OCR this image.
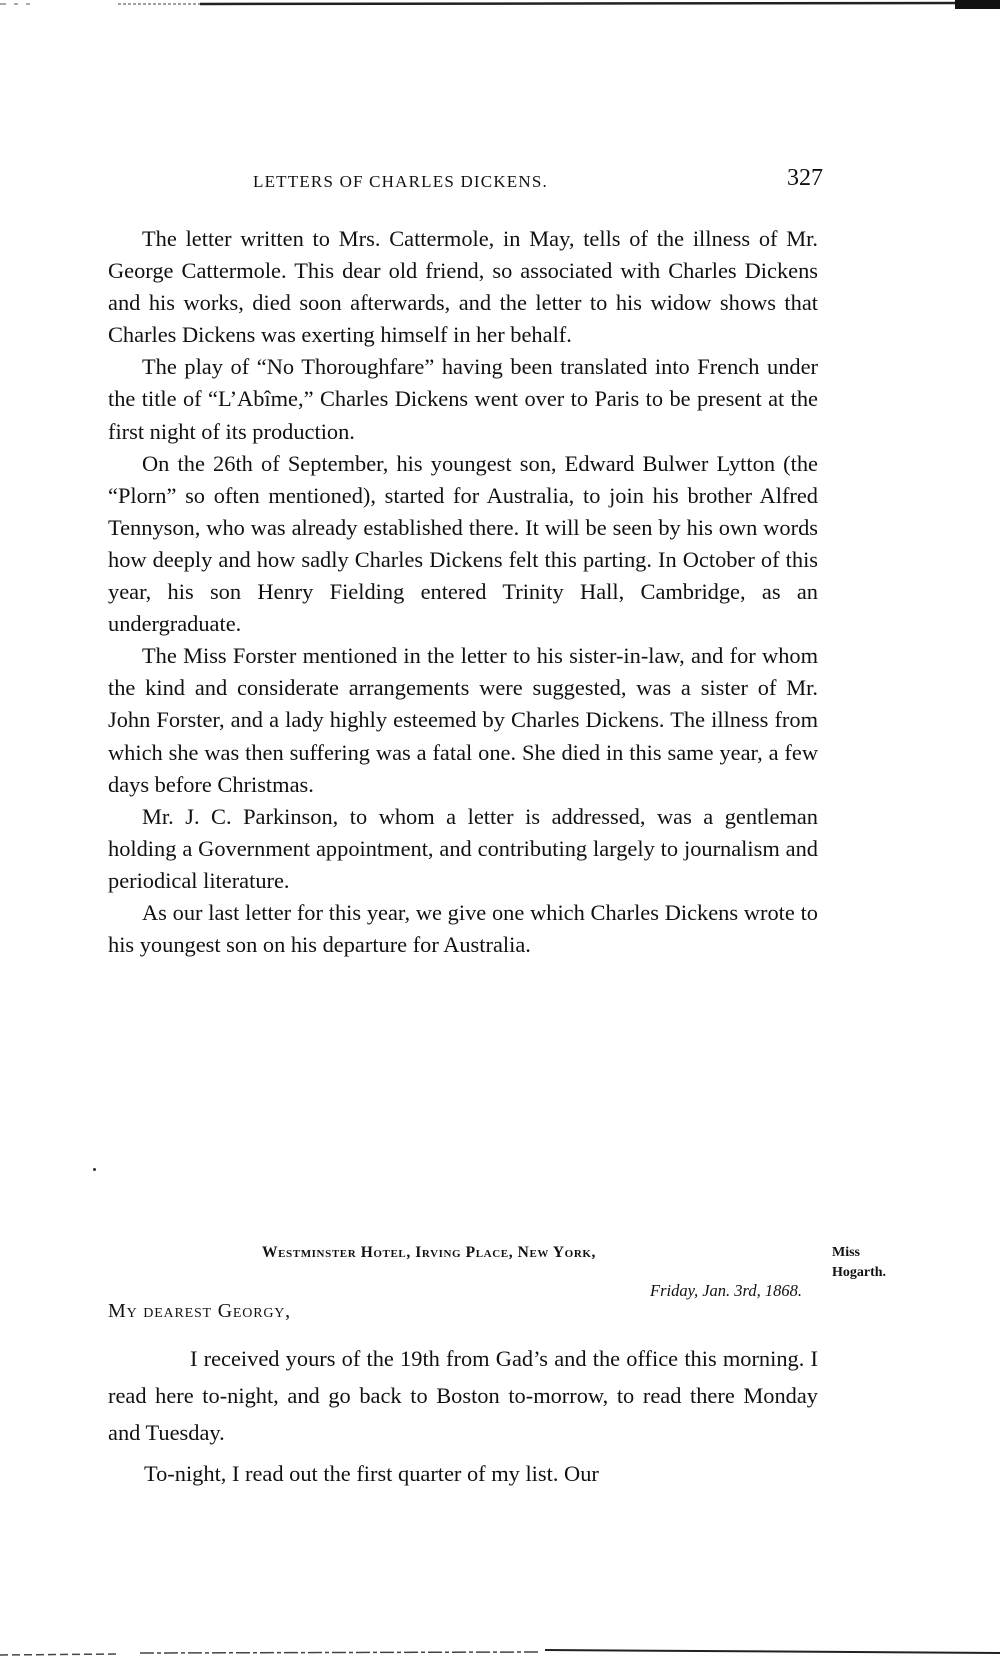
LETTERS OF CHARLES DICKENS.	327

The letter written to Mrs. Cattermole, in May, tells of the illness of Mr. George Cattermole. This dear old friend, so associated with Charles Dickens and his works, died soon afterwards, and the letter to his widow shows that Charles Dickens was exerting himself in her behalf.

The play of “No Thoroughfare” having been translated into French under the title of “L’Abîme,” Charles Dickens went over to Paris to be present at the first night of its production.

On the 26th of September, his youngest son, Edward Bulwer Lytton (the “Plorn” so often mentioned), started for Australia, to join his brother Alfred Tennyson, who was already established there. It will be seen by his own words how deeply and how sadly Charles Dickens felt this parting. In October of this year, his son Henry Fielding entered Trinity Hall, Cambridge, as an undergraduate.

The Miss Forster mentioned in the letter to his sister-in-law, and for whom the kind and considerate arrangements were suggested, was a sister of Mr. John Forster, and a lady highly esteemed by Charles Dickens. The illness from which she was then suffering was a fatal one. She died in this same year, a few days before Christmas.

Mr. J. C. Parkinson, to whom a letter is addressed, was a gentleman holding a Government appointment, and contributing largely to journalism and periodical literature.

As our last letter for this year, we give one which Charles Dickens wrote to his youngest son on his departure for Australia.

Westminster Hotel, Irving Place, New York,
Friday, Jan. 3rd, 1868.
Miss
Hogarth.
My dearest Georgy,

I received yours of the 19th from Gad’s and the office this morning. I read here to-night, and go back to Boston to-morrow, to read there Monday and Tuesday.

To-night, I read out the first quarter of my list. Our
